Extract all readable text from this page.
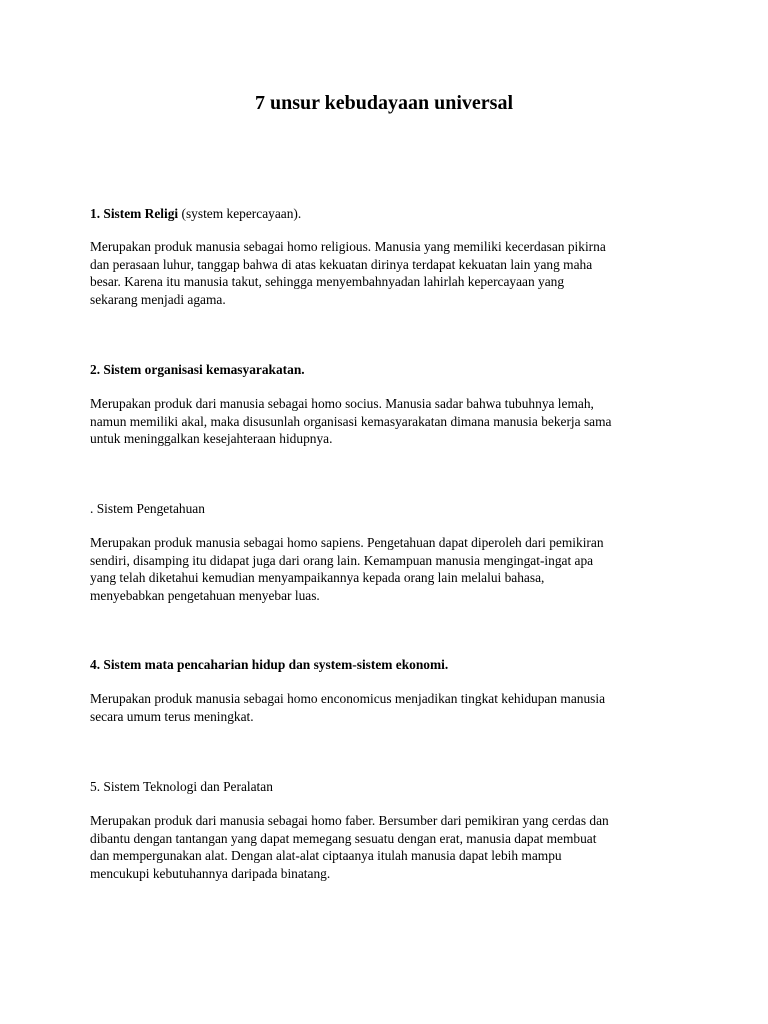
7 unsur kebudayaan universal

1. Sistem Religi (system kepercayaan).

Merupakan produk manusia sebagai homo religious. Manusia yang memiliki kecerdasan pikirna
dan perasaan luhur, tanggap bahwa di atas kekuatan dirinya terdapat kekuatan lain yang maha
besar. Karena itu manusia takut, sehingga menyembahnyadan lahirlah kepercayaan yang
sekarang menjadi agama.

2. Sistem organisasi kemasyarakatan.

Merupakan produk dari manusia sebagai homo socius. Manusia sadar bahwa tubuhnya lemah,
namun memiliki akal, maka disusunlah organisasi kemasyarakatan dimana manusia bekerja sama
untuk meninggalkan kesejahteraan hidupnya.

. Sistem Pengetahuan

Merupakan produk manusia sebagai homo sapiens. Pengetahuan dapat diperoleh dari pemikiran
sendiri, disamping itu didapat juga dari orang lain. Kemampuan manusia mengingat-ingat apa
yang telah diketahui kemudian menyampaikannya kepada orang lain melalui bahasa,
menyebabkan pengetahuan menyebar luas.

4. Sistem mata pencaharian hidup dan system-sistem ekonomi.

Merupakan produk manusia sebagai homo enconomicus menjadikan tingkat kehidupan manusia
secara umum terus meningkat.

5. Sistem Teknologi dan Peralatan

Merupakan produk dari manusia sebagai homo faber. Bersumber dari pemikiran yang cerdas dan
dibantu dengan tantangan yang dapat memegang sesuatu dengan erat, manusia dapat membuat
dan mempergunakan alat. Dengan alat-alat ciptaanya itulah manusia dapat lebih mampu
mencukupi kebutuhannya daripada binatang.
